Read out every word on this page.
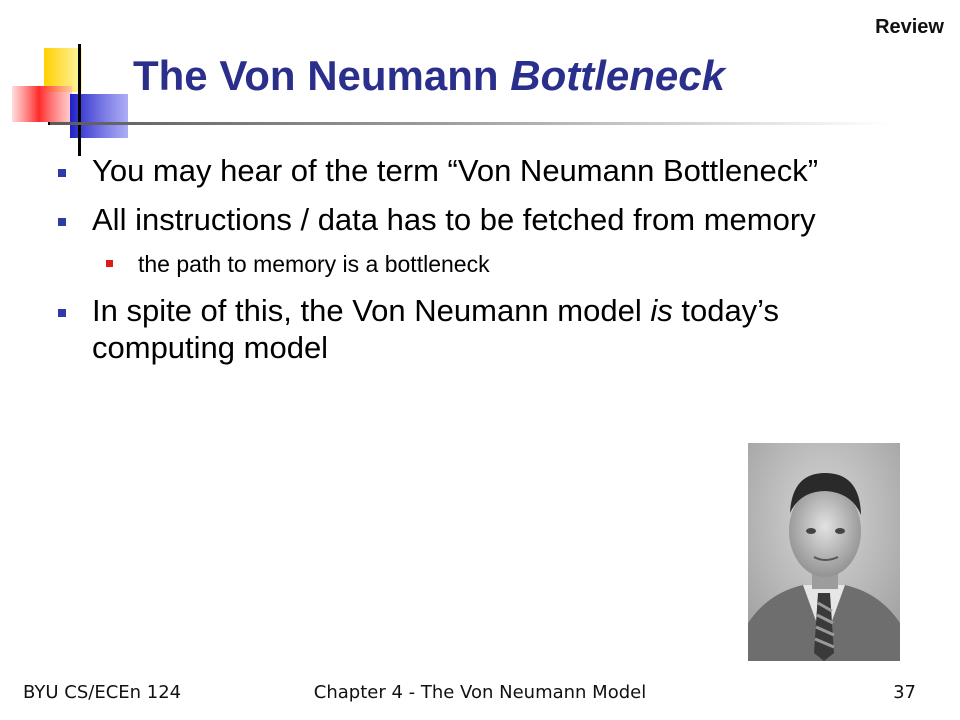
Review
The Von Neumann Bottleneck
You may hear of the term “Von Neumann Bottleneck”
All instructions / data has to be fetched from memory
the path to memory is a bottleneck
In spite of this, the Von Neumann model is today’s computing model
BYU CS/ECEn 124	Chapter 4 - The Von Neumann Model	37
